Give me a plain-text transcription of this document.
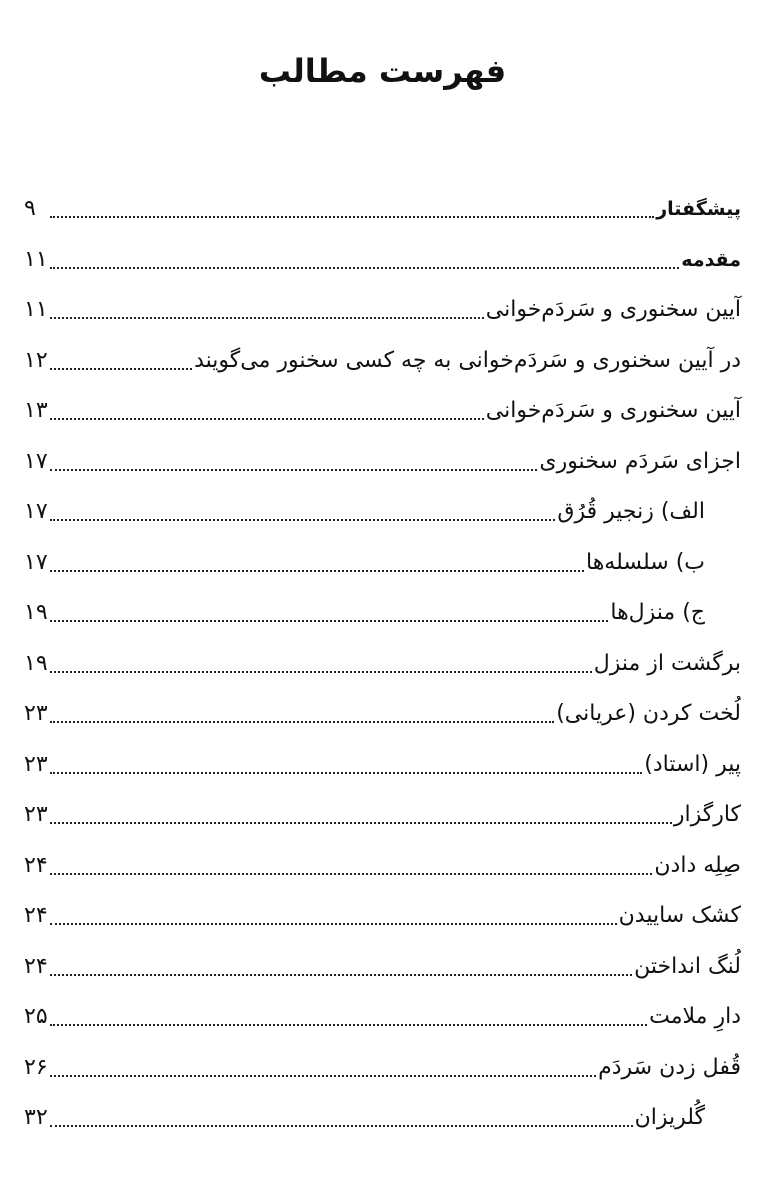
فهرست مطالب
پیشگفتار
۹
مقدمه
۱۱
آیین سخنوری و سَردَم‌خوانی
۱۱
در آیین سخنوری و سَردَم‌خوانی به چه کسی سخنور می‌گویند
۱۲
آیین سخنوری و سَردَم‌خوانی
۱۳
اجزای سَردَم سخنوری
۱۷
الف) زنجیر قُرُق
۱۷
ب) سلسله‌ها
۱۷
ج) منزل‌ها
۱۹
برگشت از منزل
۱۹
لُخت کردن (عریانی)
۲۳
پیر (استاد)
۲۳
کارگزار
۲۳
صِلِه دادن
۲۴
کشک ساییدن
۲۴
لُنگ انداختن
۲۴
دارِ ملامت
۲۵
قُفل زدن سَردَم
۲۶
گُلریزان
۳۲
